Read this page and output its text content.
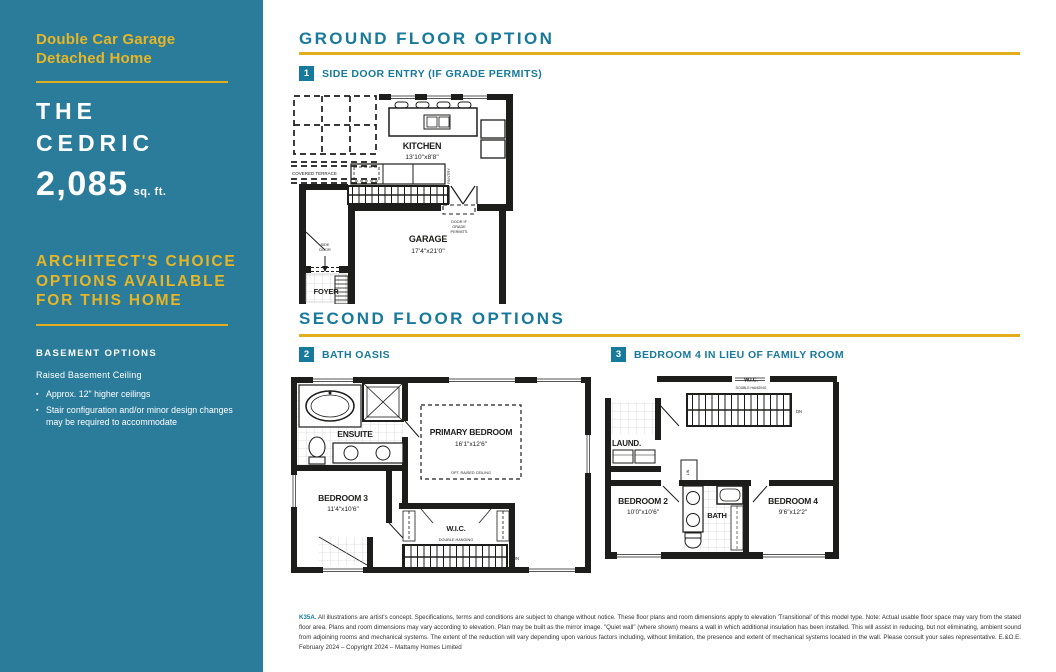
Double Car Garage
Detached Home
THE
CEDRIC
2,085 sq. ft.
ARCHITECT'S CHOICE
OPTIONS AVAILABLE
FOR THIS HOME
BASEMENT OPTIONS
Raised Basement Ceiling
▪ Approx. 12" higher ceilings
▪ Stair configuration and/or minor design changes may be required to accommodate
GROUND FLOOR OPTION
1	SIDE DOOR ENTRY (IF GRADE PERMITS)
COVERED TERRACE
KITCHEN
13'10"x8'8"
PANTRY
DOOR IF
GRADE
PERMITS
GARAGE
17'4"x21'0"
FOYER
SIDE
DOOR
SECOND FLOOR OPTIONS
2	BATH OASIS	3	BEDROOM 4 IN LIEU OF FAMILY ROOM
ENSUITE	PRIMARY BEDROOM
16'1"x12'6"
OPT. RAISED CEILING
QUIET WALL
BEDROOM 3
11'4"x10'6"
W.I.C.
DOUBLE HANGING
DN
W.I.C.
DOUBLE HANGING
DN
LAUND.
LIN.
BEDROOM 2
10'0"x10'6"	BATH
BEDROOM 4
9'6"x12'2"

K35A. All illustrations are artist's concept. Specifications, terms and conditions are subject to change without notice. These floor plans and room dimensions apply to elevation 'Transitional' of this model type. Note: Actual usable floor space may vary from the stated floor area. Plans and room dimensions may vary according to elevation. Plan may be built as the mirror image. "Quiet wall" (where shown) means a wall in which additional insulation has been installed. This will assist in reducing, but not eliminating, ambient sound from adjoining rooms and mechanical systems. The extent of the reduction will vary depending upon various factors including, without limitation, the presence and extent of mechanical systems located in the wall. Please consult your sales representative. E.&O.E. February 2024 – Copyright 2024 – Mattamy Homes Limited
